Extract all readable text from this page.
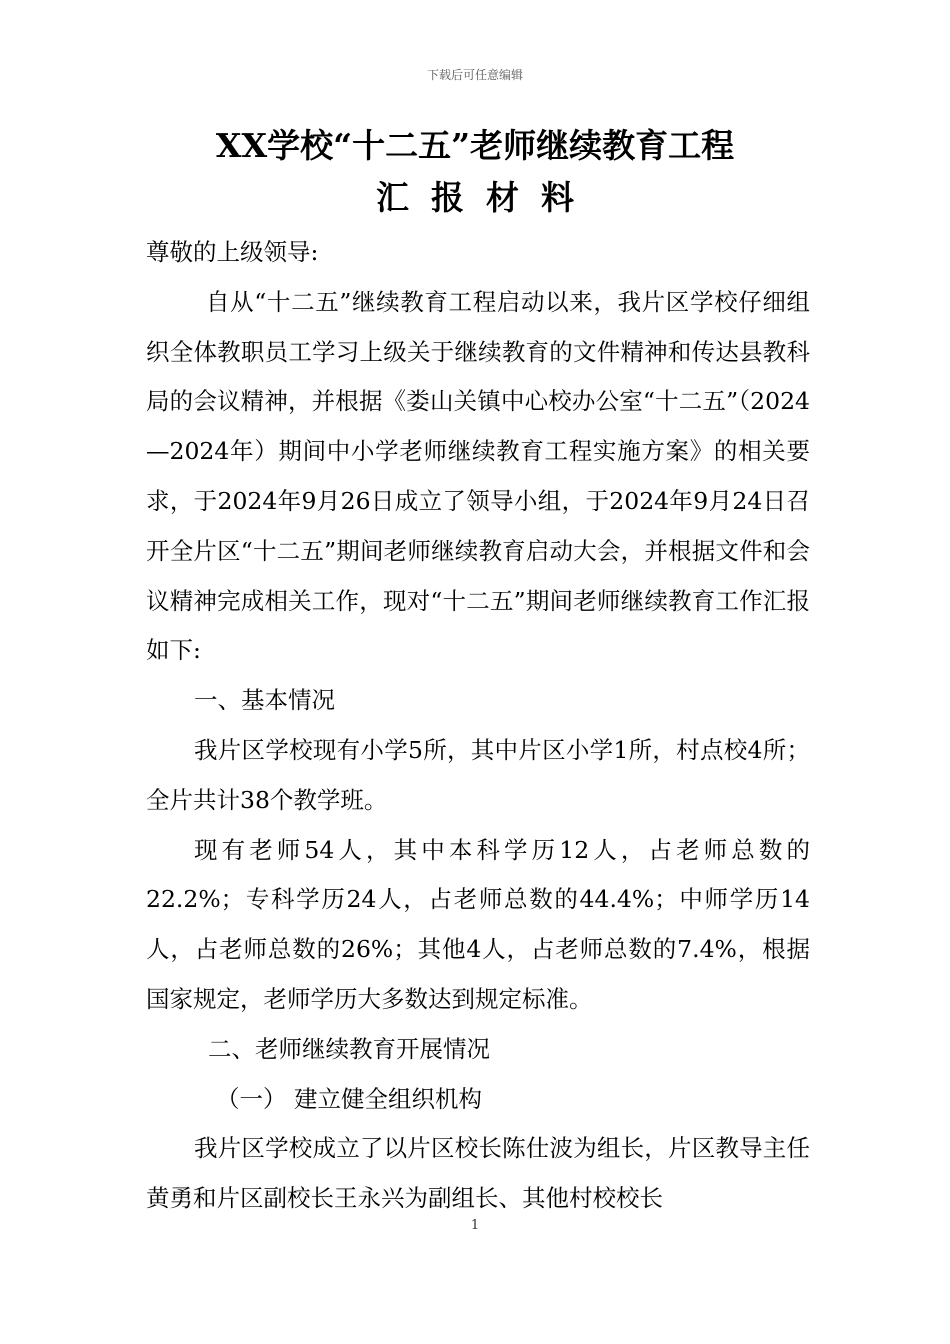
下载后可任意编辑
XX学校“十二五”老师继续教育工程
汇报材料

尊敬的上级领导:

自从“十二五”继续教育工程启动以来，我片区学校仔细组织全体教职员工学习上级关于继续教育的文件精神和传达县教科局的会议精神，并根据《娄山关镇中心校办公室“十二五”（2024—2024年）期间中小学老师继续教育工程实施方案》的相关要求，于2024年9月26日成立了领导小组，于2024年9月24日召开全片区“十二五”期间老师继续教育启动大会，并根据文件和会议精神完成相关工作，现对“十二五”期间老师继续教育工作汇报如下:

一、基本情况

我片区学校现有小学5所，其中片区小学1所，村点校4所；全片共计38个教学班。

现有老师54人，其中本科学历12人，占老师总数的22.2%；专科学历24人，占老师总数的44.4%；中师学历14人，占老师总数的26%；其他4人，占老师总数的7.4%，根据国家规定，老师学历大多数达到规定标准。

二、老师继续教育开展情况

（一） 建立健全组织机构

我片区学校成立了以片区校长陈仕波为组长，片区教导主任黄勇和片区副校长王永兴为副组长、其他村校校长

1
